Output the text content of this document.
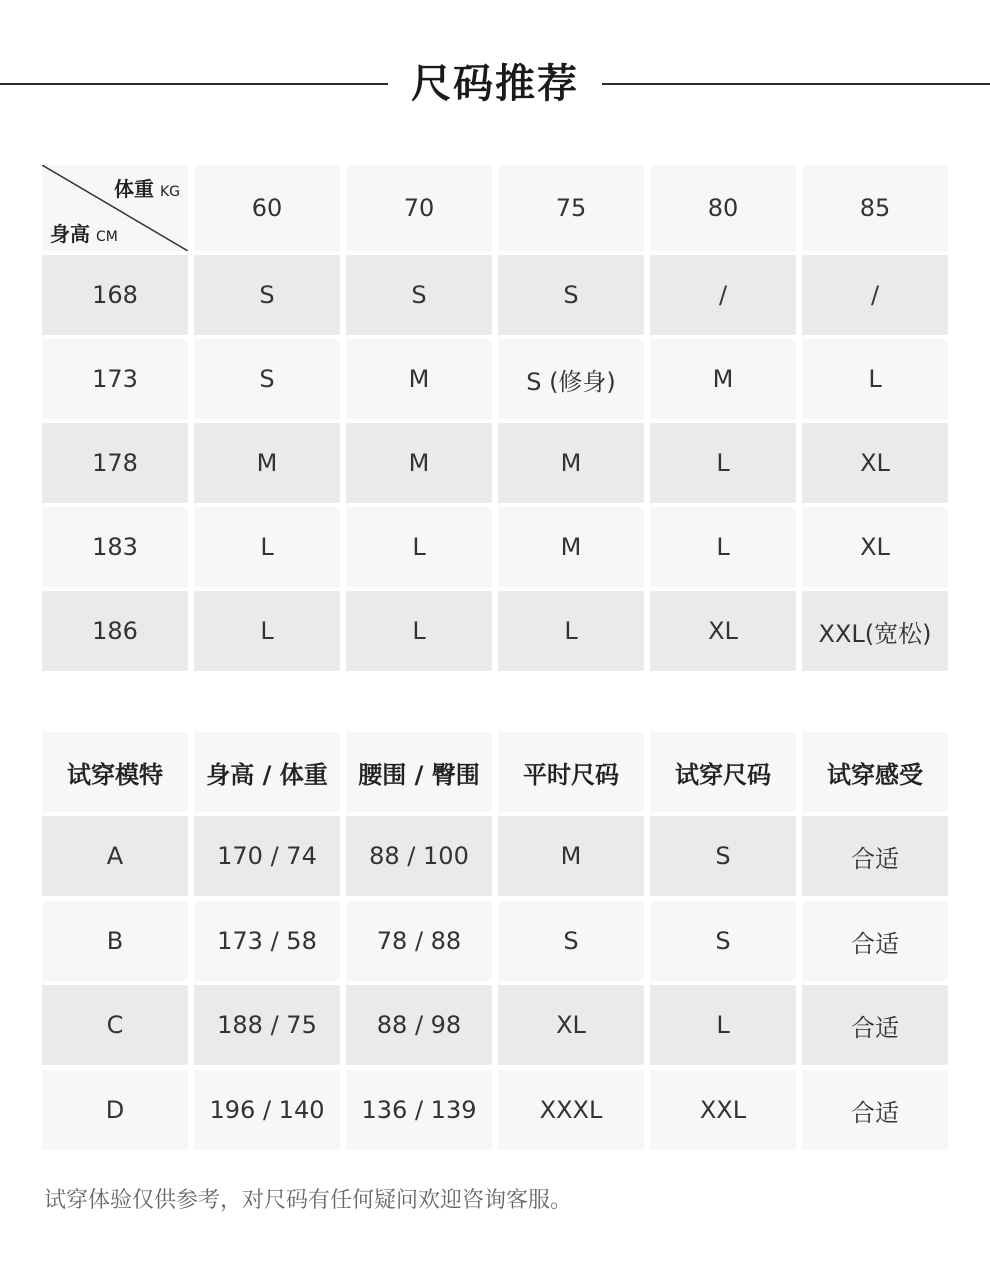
尺码推荐
体重 KG
身高 CM
60	70	75	80	85
168	S	S	S	/	/
173	S	M	S (修身)	M	L
178	M	M	M	L	XL
183	L	L	M	L	XL
186	L	L	L	XL	XXL(宽松)
试穿模特	身高 / 体重	腰围 / 臀围	平时尺码	试穿尺码	试穿感受
A	170 / 74	88 / 100	M	S	合适
B	173 / 58	78 / 88	S	S	合适
C	188 / 75	88 / 98	XL	L	合适
D	196 / 140	136 / 139	XXXL	XXL	合适
试穿体验仅供参考，对尺码有任何疑问欢迎咨询客服。
